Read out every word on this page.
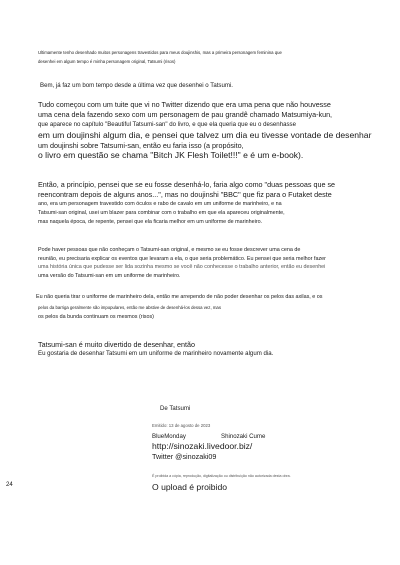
Ultimamente tenho desenhado muitos personagens travestidos para meus doujinshis, mas a primeira personagem feminina que
desenhei em algum tempo é minha personagem original, Tatsumi (risos)
Bem, já faz um bom tempo desde a última vez que desenhei o Tatsumi.
Tudo começou com um tuite que vi no Twitter dizendo que era uma pena que não houvesse
uma cena dela fazendo sexo com um personagem de pau grandê chamado Matsumiya-kun,
que aparece no capítulo "Beautiful Tatsumi-san" do livro, e que ela queria que eu o desenhasse
em um doujinshi algum dia, e pensei que talvez um dia eu tivesse vontade de desenhar
um doujinshi sobre Tatsumi-san, então eu faria isso (a propósito,
o livro em questão se chama "Bitch JK Flesh Toilet!!!" e é um e-book).
Então, a princípio, pensei que se eu fosse desenhá-lo, faria algo como "duas pessoas que se
reencontram depois de alguns anos...", mas no doujinshi "BBC" que fiz para o Futaket deste
ano, era um personagem travestido com óculos e rabo de cavalo em um uniforme de marinheiro, e na
Tatsumi-san original, usei um blazer para combinar com o trabalho em que ela apareceu originalmente,
mas naquela época, de repente, pensei que ela ficaria melhor em um uniforme de marinheiro.
Pode haver pessoas que não conheçam o Tatsumi-san original, e mesmo se eu fosse descrever uma cena de
reunião, eu precisaria explicar os eventos que levaram a ela, o que seria problemático. Eu pensei que seria melhor fazer
uma história única que pudesse ser lida sozinha mesmo se você não conhecesse o trabalho anterior, então eu desenhei
uma versão do Tatsumi-san em um uniforme de marinheiro.
Eu não queria tirar o uniforme de marinheiro dela, então me arrependo de não poder desenhar os pelos das axilas, e os
pelos da barriga geralmente são impopulares, então me abstive de desenhá-los dessa vez, mas
os pelos da bunda continuam os mesmos (risos)
Tatsumi-san é muito divertido de desenhar, então
Eu gostaria de desenhar Tatsumi em um uniforme de marinheiro novamente algum dia.
De Tatsumi
Emitido: 13 de agosto de 2023
BlueMonday	Shinozaki Cume
http://sinozaki.livedoor.biz/
Twitter @sinozaki09
É proibida a cópia, reprodução, digitalização ou distribuição não autorizada desta obra.
O upload é proibido
24
